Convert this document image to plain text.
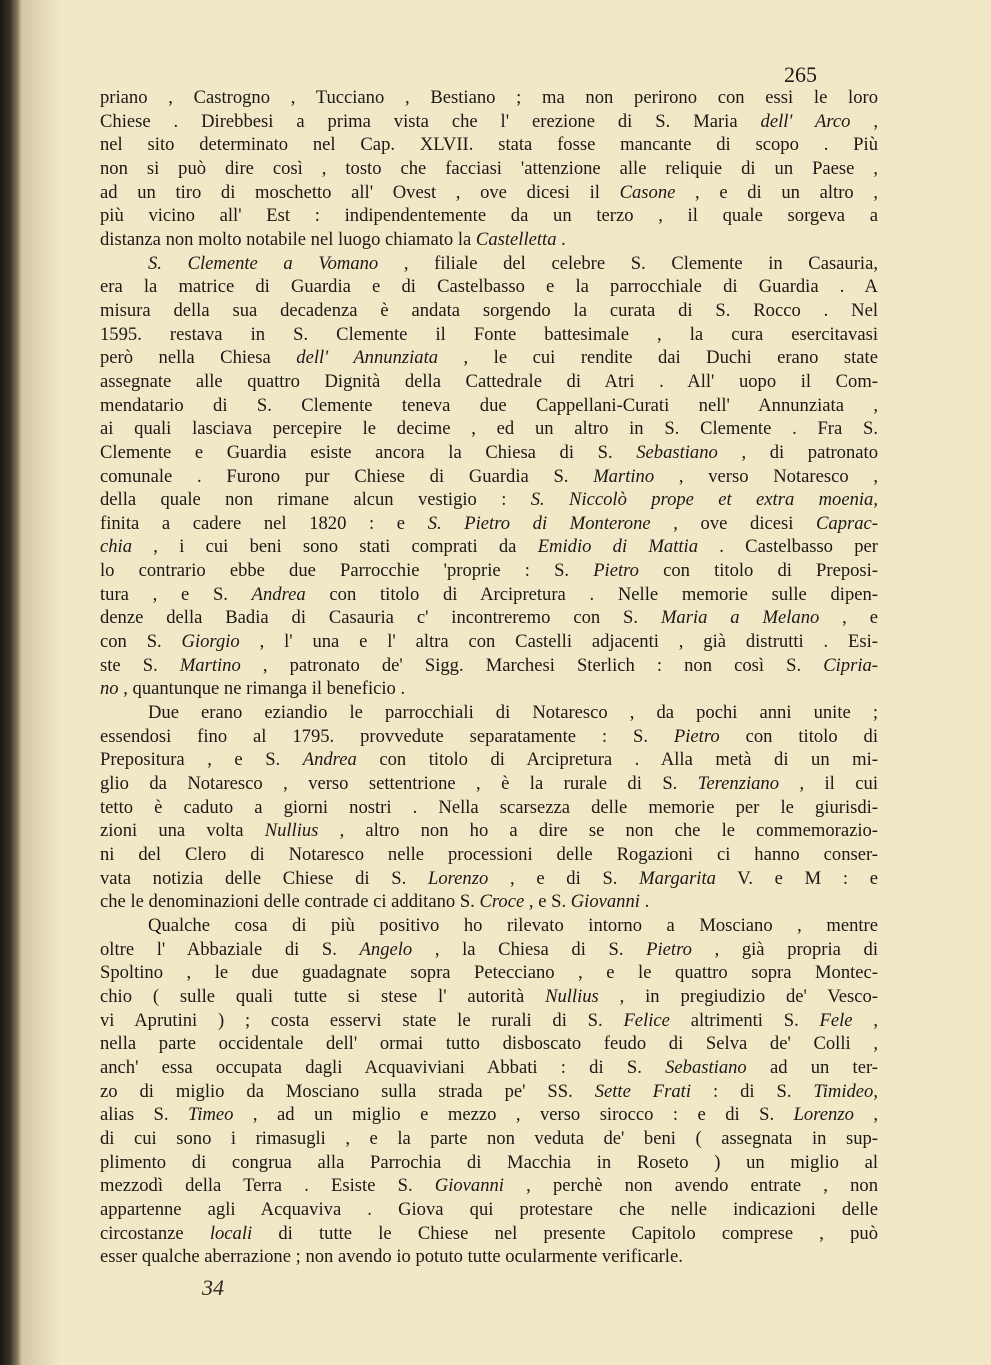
265
priano , Castrogno , Tucciano , Bestiano ; ma non perirono con essi le loro
Chiese . Direbbesi a prima vista che l' erezione di S. Maria dell' Arco ,
nel sito determinato nel Cap. XLVII. stata fosse mancante di scopo . Più
non si può dire così , tosto che facciasi 'attenzione alle reliquie di un Paese ,
ad un tiro di moschetto all' Ovest , ove dicesi il Casone , e di un altro ,
più vicino all' Est : indipendentemente da un terzo , il quale sorgeva a
distanza non molto notabile nel luogo chiamato la Castelletta .
S. Clemente a Vomano , filiale del celebre S. Clemente in Casauria,
era la matrice di Guardia e di Castelbasso e la parrocchiale di Guardia . A
misura della sua decadenza è andata sorgendo la curata di S. Rocco . Nel
1595. restava in S. Clemente il Fonte battesimale , la cura esercitavasi
però nella Chiesa dell' Annunziata , le cui rendite dai Duchi erano state
assegnate alle quattro Dignità della Cattedrale di Atri . All' uopo il Com-
mendatario di S. Clemente teneva due Cappellani-Curati nell' Annunziata ,
ai quali lasciava percepire le decime , ed un altro in S. Clemente . Fra S.
Clemente e Guardia esiste ancora la Chiesa di S. Sebastiano , di patronato
comunale . Furono pur Chiese di Guardia S. Martino , verso Notaresco ,
della quale non rimane alcun vestigio : S. Niccolò prope et extra moenia,
finita a cadere nel 1820 : e S. Pietro di Monterone , ove dicesi Caprac-
chia , i cui beni sono stati comprati da Emidio di Mattia . Castelbasso per
lo contrario ebbe due Parrocchie 'proprie : S. Pietro con titolo di Preposi-
tura , e S. Andrea con titolo di Arcipretura . Nelle memorie sulle dipen-
denze della Badia di Casauria c' incontreremo con S. Maria a Melano , e
con S. Giorgio , l' una e l' altra con Castelli adjacenti , già distrutti . Esi-
ste S. Martino , patronato de' Sigg. Marchesi Sterlich : non così S. Cipria-
no , quantunque ne rimanga il beneficio .
Due erano eziandio le parrocchiali di Notaresco , da pochi anni unite ;
essendosi fino al 1795. provvedute separatamente : S. Pietro con titolo di
Prepositura , e S. Andrea con titolo di Arcipretura . Alla metà di un mi-
glio da Notaresco , verso settentrione , è la rurale di S. Terenziano , il cui
tetto è caduto a giorni nostri . Nella scarsezza delle memorie per le giurisdi-
zioni una volta Nullius , altro non ho a dire se non che le commemorazio-
ni del Clero di Notaresco nelle processioni delle Rogazioni ci hanno conser-
vata notizia delle Chiese di S. Lorenzo , e di S. Margarita V. e M : e
che le denominazioni delle contrade ci additano S. Croce , e S. Giovanni .
Qualche cosa di più positivo ho rilevato intorno a Mosciano , mentre
oltre l' Abbaziale di S. Angelo , la Chiesa di S. Pietro , già propria di
Spoltino , le due guadagnate sopra Petecciano , e le quattro sopra Montec-
chio ( sulle quali tutte si stese l' autorità Nullius , in pregiudizio de' Vesco-
vi Aprutini ) ; costa esservi state le rurali di S. Felice altrimenti S. Fele ,
nella parte occidentale dell' ormai tutto disboscato feudo di Selva de' Colli ,
anch' essa occupata dagli Acquaviviani Abbati : di S. Sebastiano ad un ter-
zo di miglio da Mosciano sulla strada pe' SS. Sette Frati : di S. Timideo,
alias S. Timeo , ad un miglio e mezzo , verso sirocco : e di S. Lorenzo ,
di cui sono i rimasugli , e la parte non veduta de' beni ( assegnata in sup-
plimento di congrua alla Parrochia di Macchia in Roseto ) un miglio al
mezzodì della Terra . Esiste S. Giovanni , perchè non avendo entrate , non
appartenne agli Acquaviva . Giova qui protestare che nelle indicazioni delle
circostanze locali di tutte le Chiese nel presente Capitolo comprese , può
esser qualche aberrazione ; non avendo io potuto tutte ocularmente verificarle.
34
